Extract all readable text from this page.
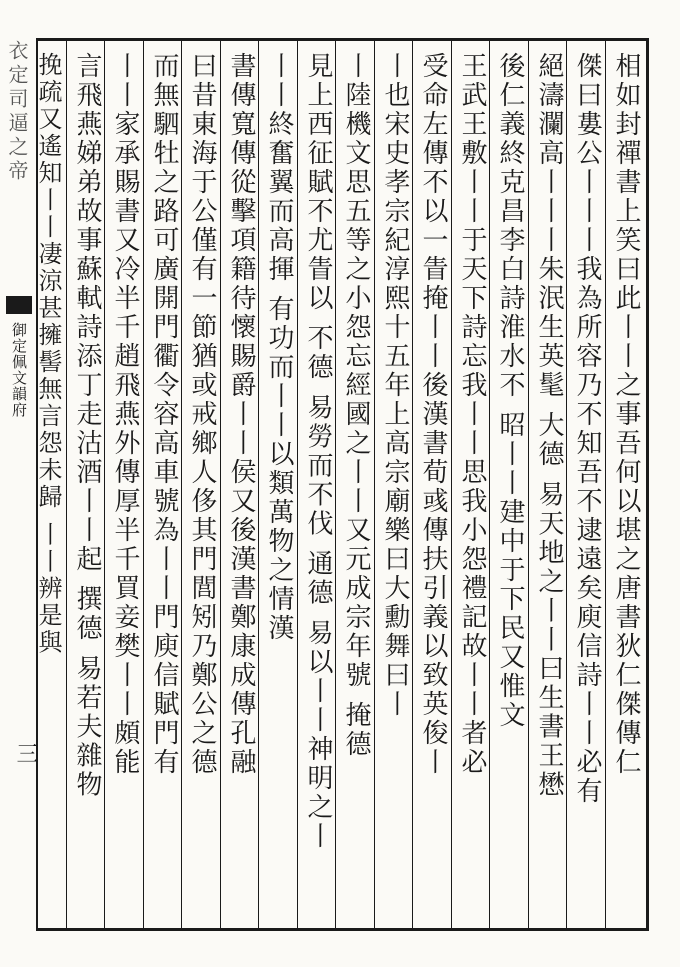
相如封禪書上笑曰此丨丨之事吾何以堪之唐書狄仁傑傳仁
傑曰婁公丨丨丨我為所容乃不知吾不逮遠矣庾信詩丨丨必有
絕濤瀾高丨丨丨朱泯生英髦 大德 易天地之丨丨曰生書王懋
後仁義終克昌李白詩淮水不 昭丨丨建中于下民又惟文
王武王敷丨丨于天下詩忘我丨丨思我小怨禮記故丨丨者必
受命左傳不以一眚掩丨丨後漢書荀彧傳扶引義以致英俊丨
丨也宋史孝宗紀淳熙十五年上高宗廟樂曰大勳舞曰丨
丨陸機文思五等之小怨忘經國之丨丨又元成宗年號 掩德
見上西征賦不尤眚以 不德 易勞而不伐 通德 易以丨丨神明之丨
丨丨終奮翼而高揮 有功而丨丨以類萬物之情漢
書傳寬傳從擊項籍待懷賜爵丨丨侯又後漢書鄭康成傳孔融
曰昔東海于公僅有一節猶或戒鄉人侈其門閭矧乃鄭公之德
而無駟牡之路可廣開門衢令容高車號為丨丨門庾信賦門有
丨丨家承賜書又冷半千趙飛燕外傳厚半千買妾樊丨丨頗能
言飛燕娣弟故事蘇軾詩添丁走沽酒丨丨起 撰德 易若夫雜物
挽疏又遙知丨丨凄涼甚擁髻無言怨未歸 丨丨辨是與
衣定司逼之帝
御定佩文韻府
三
